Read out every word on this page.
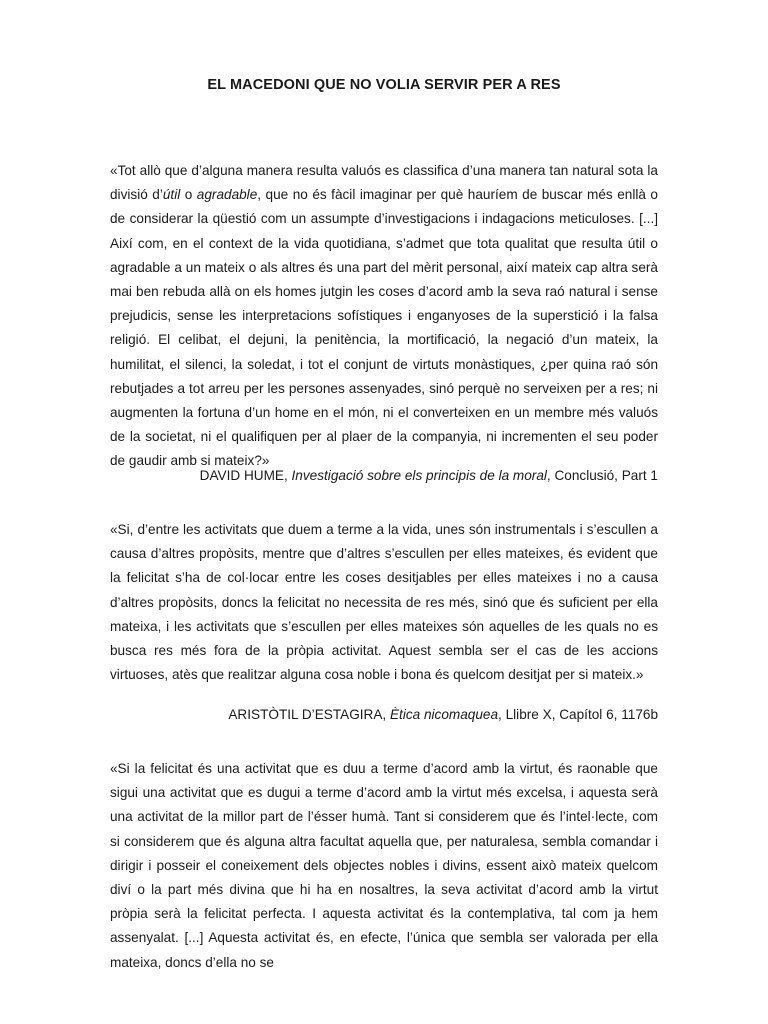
EL MACEDONI QUE NO VOLIA SERVIR PER A RES

«Tot allò que d’alguna manera resulta valuós es classifica d’una manera tan natural sota la divisió d’útil o agradable, que no és fàcil imaginar per què hauríem de buscar més enllà o de considerar la qüestió com un assumpte d’investigacions i indagacions meticuloses. [...] Així com, en el context de la vida quotidiana, s’admet que tota qualitat que resulta útil o agradable a un mateix o als altres és una part del mèrit personal, així mateix cap altra serà mai ben rebuda allà on els homes jutgin les coses d’acord amb la seva raó natural i sense prejudicis, sense les interpretacions sofístiques i enganyoses de la superstició i la falsa religió. El celibat, el dejuni, la penitència, la mortificació, la negació d’un mateix, la humilitat, el silenci, la soledat, i tot el conjunt de virtuts monàstiques, ¿per quina raó són rebutjades a tot arreu per les persones assenyades, sinó perquè no serveixen per a res; ni augmenten la fortuna d’un home en el món, ni el converteixen en un membre més valuós de la societat, ni el qualifiquen per al plaer de la companyia, ni incrementen el seu poder de gaudir amb si mateix?»

DAVID HUME, Investigació sobre els principis de la moral, Conclusió, Part 1

«Si, d’entre les activitats que duem a terme a la vida, unes són instrumentals i s’escullen a causa d’altres propòsits, mentre que d’altres s’escullen per elles mateixes, és evident que la felicitat s’ha de col·locar entre les coses desitjables per elles mateixes i no a causa d’altres propòsits, doncs la felicitat no necessita de res més, sinó que és suficient per ella mateixa, i les activitats que s’escullen per elles mateixes són aquelles de les quals no es busca res més fora de la pròpia activitat. Aquest sembla ser el cas de les accions virtuoses, atès que realitzar alguna cosa noble i bona és quelcom desitjat per si mateix.»

ARISTÒTIL D’ESTAGIRA, Ètica nicomaquea, Llibre X, Capítol 6, 1176b

«Si la felicitat és una activitat que es duu a terme d’acord amb la virtut, és raonable que sigui una activitat que es dugui a terme d’acord amb la virtut més excelsa, i aquesta serà una activitat de la millor part de l’ésser humà. Tant si considerem que és l’intel·lecte, com si considerem que és alguna altra facultat aquella que, per naturalesa, sembla comandar i dirigir i posseir el coneixement dels objectes nobles i divins, essent això mateix quelcom diví o la part més divina que hi ha en nosaltres, la seva activitat d’acord amb la virtut pròpia serà la felicitat perfecta. I aquesta activitat és la contemplativa, tal com ja hem assenyalat. [...] Aquesta activitat és, en efecte, l’única que sembla ser valorada per ella mateixa, doncs d’ella no se
